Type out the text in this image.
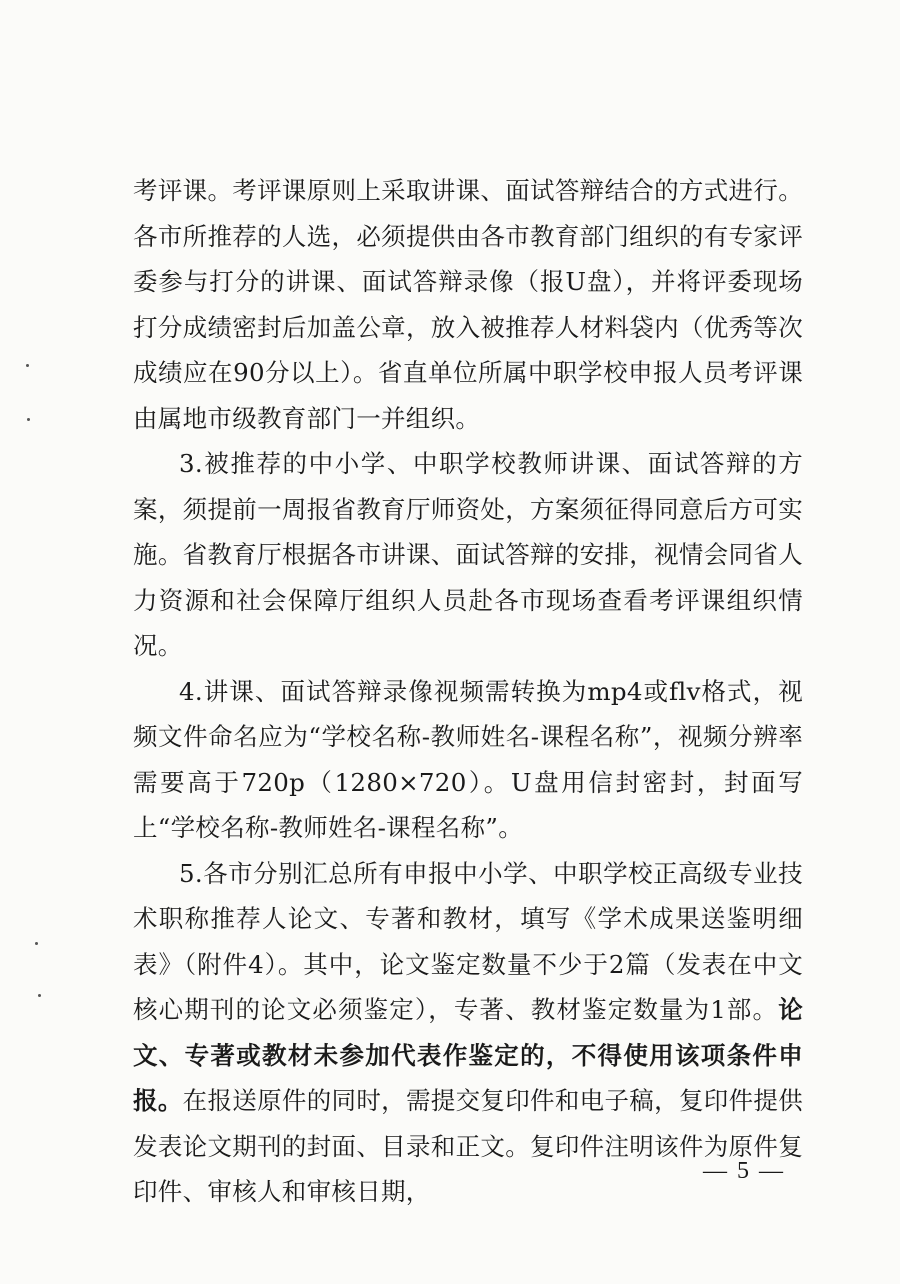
考评课。考评课原则上采取讲课、面试答辩结合的方式进行。各市所推荐的人选，必须提供由各市教育部门组织的有专家评委参与打分的讲课、面试答辩录像（报U盘），并将评委现场打分成绩密封后加盖公章，放入被推荐人材料袋内（优秀等次成绩应在90分以上）。省直单位所属中职学校申报人员考评课由属地市级教育部门一并组织。

3.被推荐的中小学、中职学校教师讲课、面试答辩的方案，须提前一周报省教育厅师资处，方案须征得同意后方可实施。省教育厅根据各市讲课、面试答辩的安排，视情会同省人力资源和社会保障厅组织人员赴各市现场查看考评课组织情况。

4.讲课、面试答辩录像视频需转换为mp4或flv格式，视频文件命名应为“学校名称-教师姓名-课程名称”，视频分辨率需要高于720p（1280×720）。U盘用信封密封，封面写上“学校名称-教师姓名-课程名称”。

5.各市分别汇总所有申报中小学、中职学校正高级专业技术职称推荐人论文、专著和教材，填写《学术成果送鉴明细表》（附件4）。其中，论文鉴定数量不少于2篇（发表在中文核心期刊的论文必须鉴定），专著、教材鉴定数量为1部。论文、专著或教材未参加代表作鉴定的，不得使用该项条件申报。在报送原件的同时，需提交复印件和电子稿，复印件提供发表论文期刊的封面、目录和正文。复印件注明该件为原件复印件、审核人和审核日期，

— 5 —
